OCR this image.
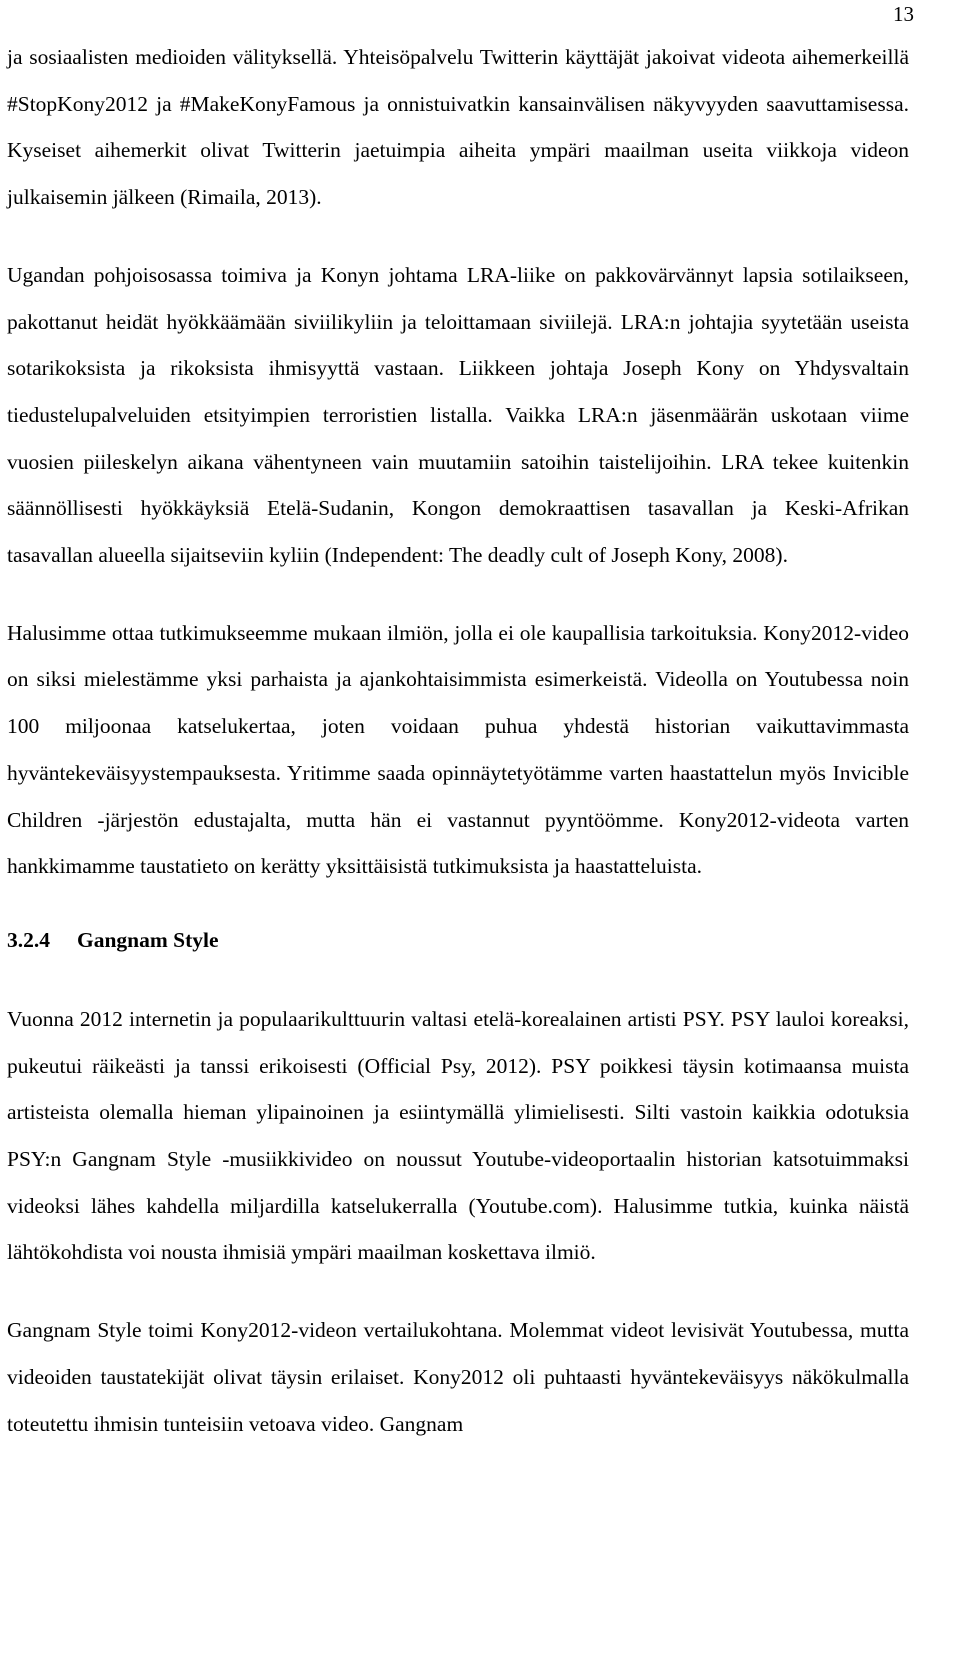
13

ja sosiaalisten medioiden välityksellä. Yhteisöpalvelu Twitterin käyttäjät jakoivat videota aihemerkeillä #StopKony2012 ja #MakeKonyFamous ja onnistuivatkin kansainvälisen näkyvyyden saavuttamisessa. Kyseiset aihemerkit olivat Twitterin jaetuimpia aiheita ympäri maailman useita viikkoja videon julkaisemin jälkeen (Rimaila, 2013).

Ugandan pohjoisosassa toimiva ja Konyn johtama LRA-liike on pakkovärvännyt lapsia sotilaikseen, pakottanut heidät hyökkäämään siviilikyliin ja teloittamaan siviilejä. LRA:n johtajia syytetään useista sotarikoksista ja rikoksista ihmisyyttä vastaan. Liikkeen johtaja Joseph Kony on Yhdysvaltain tiedustelupalveluiden etsityimpien terroristien listalla. Vaikka LRA:n jäsenmäärän uskotaan viime vuosien piileskelyn aikana vähentyneen vain muutamiin satoihin taistelijoihin. LRA tekee kuitenkin säännöllisesti hyökkäyksiä Etelä-Sudanin, Kongon demokraattisen tasavallan ja Keski-Afrikan tasavallan alueella sijaitseviin kyliin (Independent: The deadly cult of Joseph Kony, 2008).

Halusimme ottaa tutkimukseemme mukaan ilmiön, jolla ei ole kaupallisia tarkoituksia. Kony2012-video on siksi mielestämme yksi parhaista ja ajankohtaisimmista esimerkeistä. Videolla on Youtubessa noin 100 miljoonaa katselukertaa, joten voidaan puhua yhdestä historian vaikuttavimmasta hyväntekeväisyystempauksesta. Yritimme saada opinnäytetyötämme varten haastattelun myös Invicible Children -järjestön edustajalta, mutta hän ei vastannut pyyntöömme. Kony2012-videota varten hankkimamme taustatieto on kerätty yksittäisistä tutkimuksista ja haastatteluista.

3.2.4 Gangnam Style

Vuonna 2012 internetin ja populaarikulttuurin valtasi etelä-korealainen artisti PSY. PSY lauloi koreaksi, pukeutui räikeästi ja tanssi erikoisesti (Official Psy, 2012). PSY poikkesi täysin kotimaansa muista artisteista olemalla hieman ylipainoinen ja esiintymällä ylimielisesti. Silti vastoin kaikkia odotuksia PSY:n Gangnam Style -musiikkivideo on noussut Youtube-videoportaalin historian katsotuimmaksi videoksi lähes kahdella miljardilla katselukerralla (Youtube.com). Halusimme tutkia, kuinka näistä lähtökohdista voi nousta ihmisiä ympäri maailman koskettava ilmiö.

Gangnam Style toimi Kony2012-videon vertailukohtana. Molemmat videot levisivät Youtubessa, mutta videoiden taustatekijät olivat täysin erilaiset. Kony2012 oli puhtaasti hyväntekeväisyys näkökulmalla toteutettu ihmisin tunteisiin vetoava video. Gangnam
